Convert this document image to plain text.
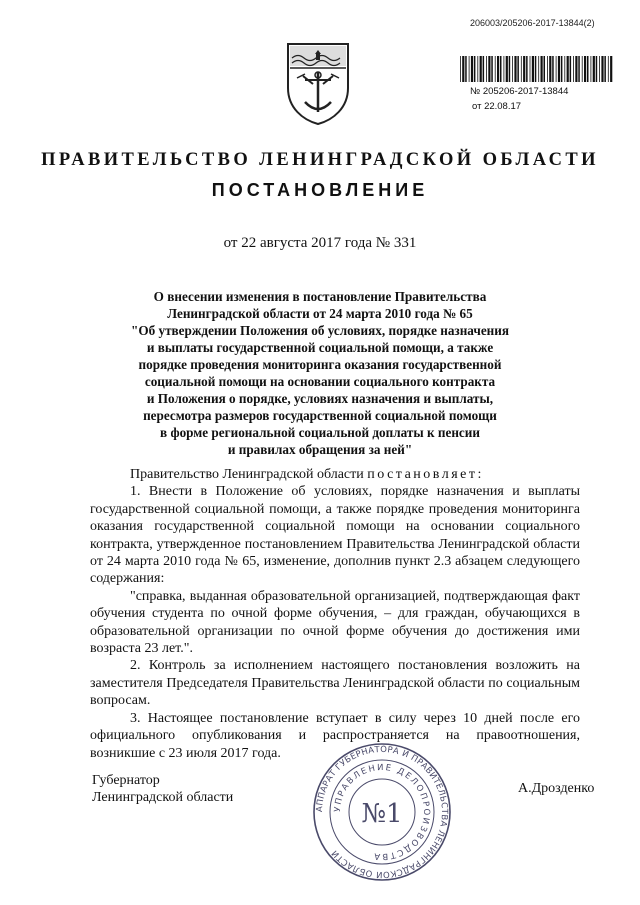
206003/205206-2017-13844(2)
№ 205206-2017-13844
от 22.08.17
ПРАВИТЕЛЬСТВО ЛЕНИНГРАДСКОЙ ОБЛАСТИ
ПОСТАНОВЛЕНИЕ
от 22 августа 2017 года № 331
О внесении изменения в постановление Правительства
Ленинградской области от 24 марта 2010 года № 65
"Об утверждении Положения об условиях, порядке назначения
и выплаты государственной социальной помощи, а также
порядке проведения мониторинга оказания государственной
социальной помощи на основании социального контракта
и Положения о порядке, условиях назначения и выплаты,
пересмотра размеров государственной социальной помощи
в форме региональной социальной доплаты к пенсии
и правилах обращения за ней"

Правительство Ленинградской области постановляет:

1. Внести в Положение об условиях, порядке назначения и выплаты государственной социальной помощи, а также порядке проведения мониторинга оказания государственной социальной помощи на основании социального контракта, утвержденное постановлением Правительства Ленинградской области от 24 марта 2010 года № 65, изменение, дополнив пункт 2.3 абзацем следующего содержания:

"справка, выданная образовательной организацией, подтверждающая факт обучения студента по очной форме обучения, – для граждан, обучающихся в образовательной организации по очной форме обучения до достижения ими возраста 23 лет.".

2. Контроль за исполнением настоящего постановления возложить на заместителя Председателя Правительства Ленинградской области по социальным вопросам.

3. Настоящее постановление вступает в силу через 10 дней после его официального опубликования и распространяется на правоотношения, возникшие с 23 июля 2017 года.

Губернатор
Ленинградской области
А.Дрозденко
АППАРАТ ГУБЕРНАТОРА И ПРАВИТЕЛЬСТВА ЛЕНИНГРАДСКОЙ ОБЛАСТИ
УПРАВЛЕНИЕ ДЕЛОПРОИЗВОДСТВА
№1
